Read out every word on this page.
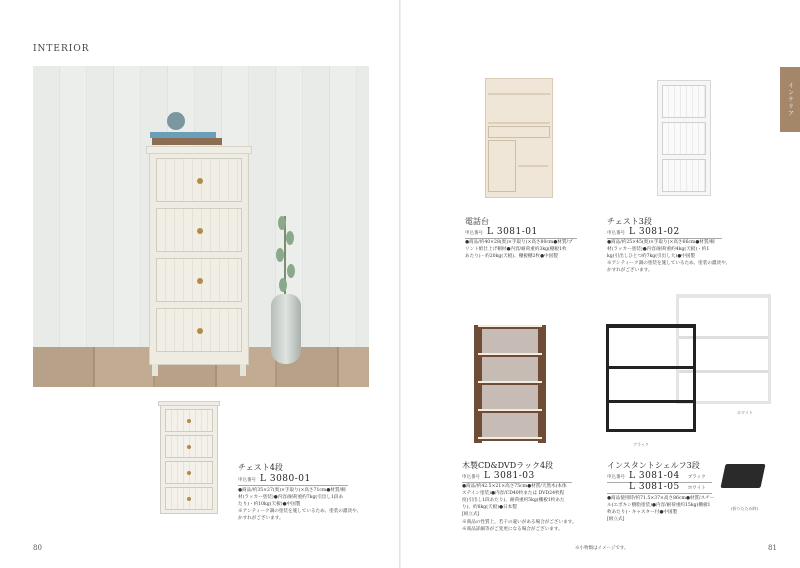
INTERIOR
インテリア
チェスト4段
申込番号 L 3080-01
●商品/約35×27(奥)×手取り)×高さ71cm●材質/桐
材(ラッカー塗装)●内容/耐荷重約7kg(引出し1段あ
たり)・約10kg(天板)●中国製
※アンティーク調の塗装を施しているため、塗装の濃淡や、
かすれがございます。
80
電話台
申込番号 L 3081-01
●商品/約40×28(奥)×手取り)×高さ80cm●材質/プ
リント紙仕上げ桐材●内容/耐荷重約3kg(棚板1枚
あたり)・約20kg(天板)、棚板棚2枚●中国製
チェスト3段
申込番号 L 3081-02
●商品/約25×45(奥)×手取り)×高さ66cm●材質/桐
材(ラッカー塗装)●内容/耐荷重約4kg(天板)・約1
kg(引出しひとつ約7kg(引出し大)●中国製
※アンティーク調の塗装を施しているため、塗装の濃淡や、
かすれがございます。
木製CD&DVDラック4段
申込番号 L 3081-03
●商品/約42.5×21×高さ75cm●材質/天然木(本体
ステイン塗装)●内容/CD40枚または DVD24枚程
度(引出し1段あたり)、耐荷重約5kg(棚板1枚あた
り)、約8kg(天板)●日本製
[組立式]
※商品の性質上、若干の違いがある場合がございます。
※商品詳細等がご変更になる場合がございます。
ブラック
ホワイト
(折りたたみ時)
インスタントシェルフ3段
申込番号 L 3081-04 ブラック
L 3081-05 ホワイト
●商品使用時/約71.5×37×高さ86cm●材質/スチー
ル(エポキシ樹脂塗装)●内容/耐荷重約15kg(棚板1
枚あたり)・キャスター付●中国製
[組立式]
※小物類はイメージです。	81
